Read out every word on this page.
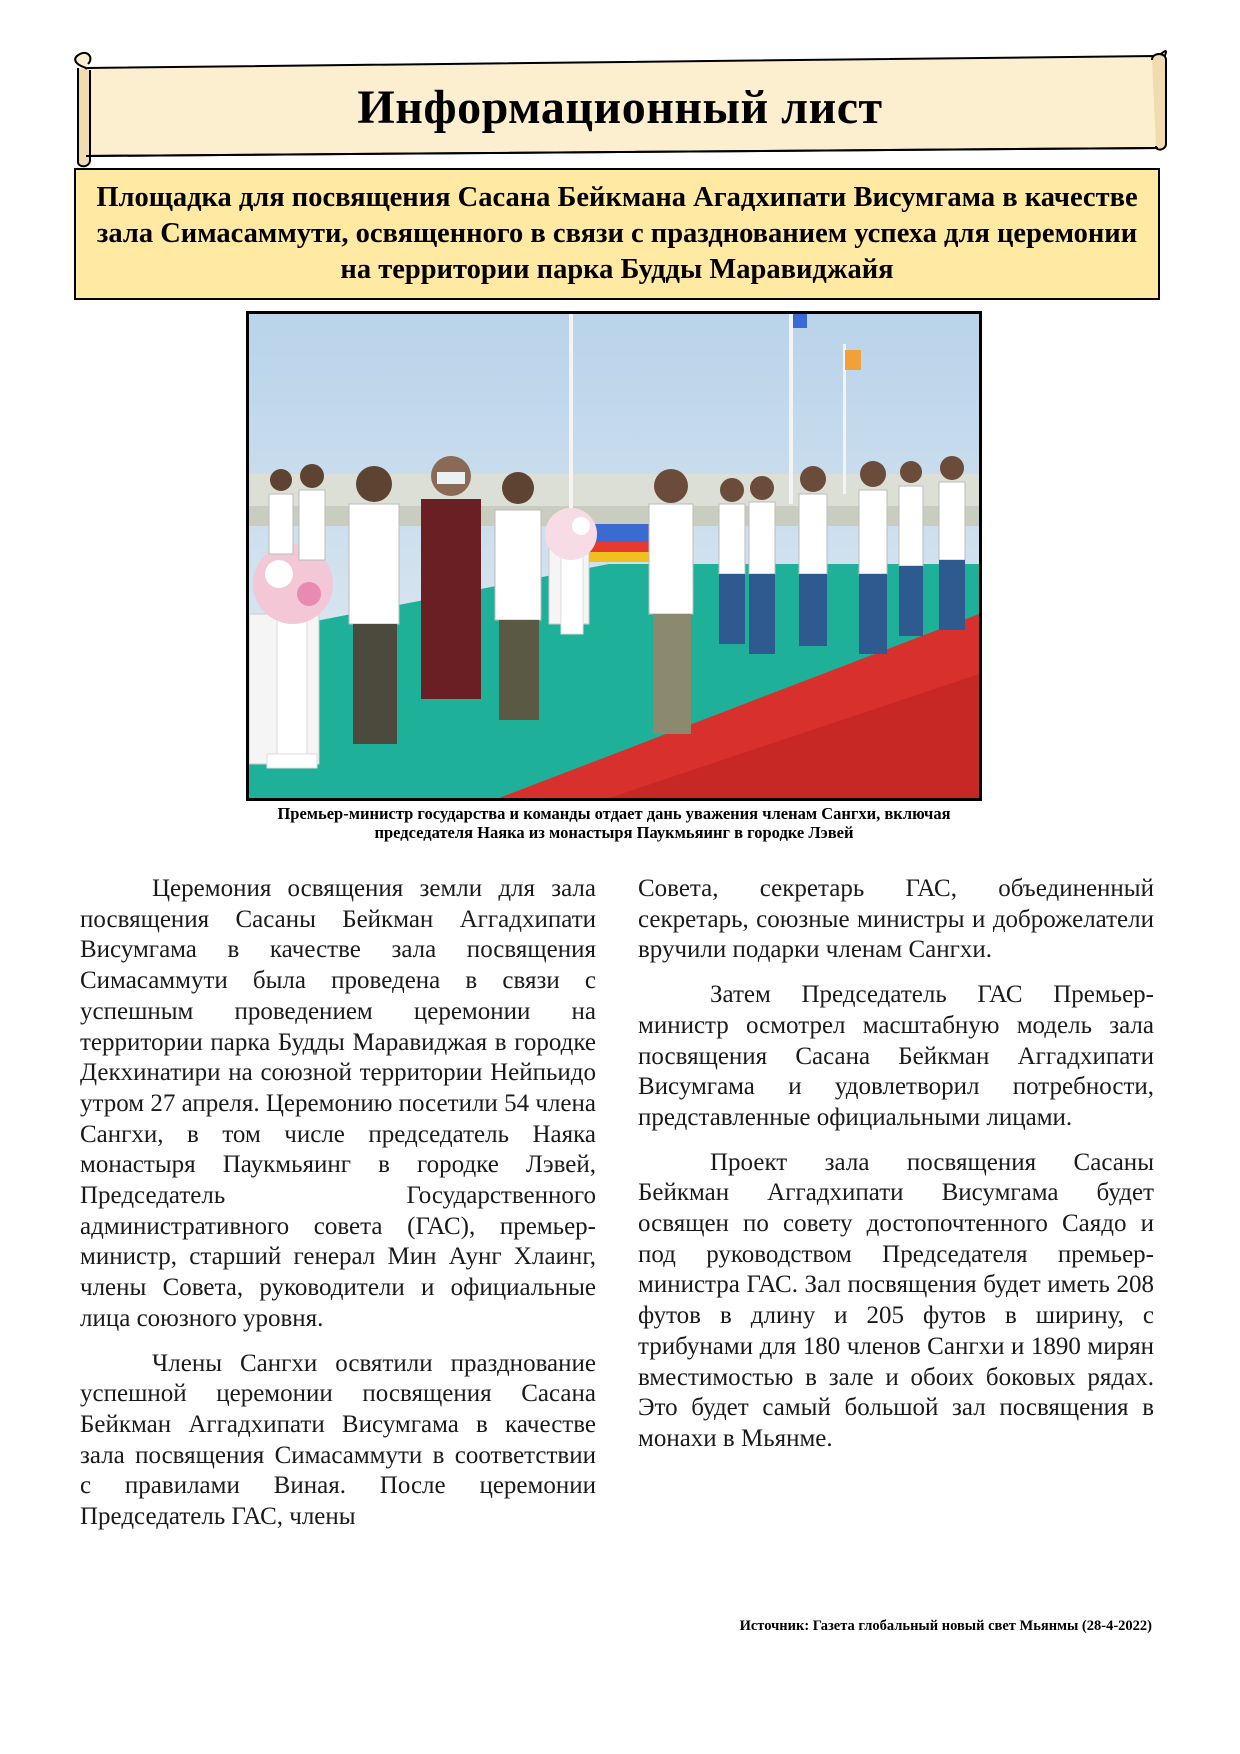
Информационный лист
Площадка для посвящения Сасана Бейкмана Агадхипати Висумгама в качестве зала Симасаммути, освященного в связи с празднованием успеха для церемонии на территории парка Будды Маравиджайя
Премьер-министр государства и команды отдает дань уважения членам Сангхи, включая председателя Наяка из монастыря Паукмьяинг в городке Лэвей

Церемония освящения земли для зала посвящения Сасаны Бейкман Аггадхипати Висумгама в качестве зала посвящения Симасаммути была проведена в связи с успешным проведением церемонии на территории парка Будды Маравиджая в городке Декхинатири на союзной территории Нейпьидо утром 27 апреля. Церемонию посетили 54 члена Сангхи, в том числе председатель Наяка монастыря Паукмьяинг в городке Лэвей, Председатель Государственного административного совета (ГАС), премьер-министр, старший генерал Мин Аунг Хлаинг, члены Совета, руководители и официальные лица союзного уровня.

Члены Сангхи освятили празднование успешной церемонии посвящения Сасана Бейкман Аггадхипати Висумгама в качестве зала посвящения Симасаммути в соответствии с правилами Виная. После церемонии Председатель ГАС, члены

Совета, секретарь ГАС, объединенный секретарь, союзные министры и доброжелатели вручили подарки членам Сангхи.

Затем Председатель ГАС Премьер-министр осмотрел масштабную модель зала посвящения Сасана Бейкман Аггадхипати Висумгама и удовлетворил потребности, представленные официальными лицами.

Проект зала посвящения Сасаны Бейкман Аггадхипати Висумгама будет освящен по совету достопочтенного Саядо и под руководством Председателя премьер-министра ГАС. Зал посвящения будет иметь 208 футов в длину и 205 футов в ширину, с трибунами для 180 членов Сангхи и 1890 мирян вместимостью в зале и обоих боковых рядах. Это будет самый большой зал посвящения в монахи в Мьянме.

Источник: Газета глобальный новый свет Мьянмы (28-4-2022)
